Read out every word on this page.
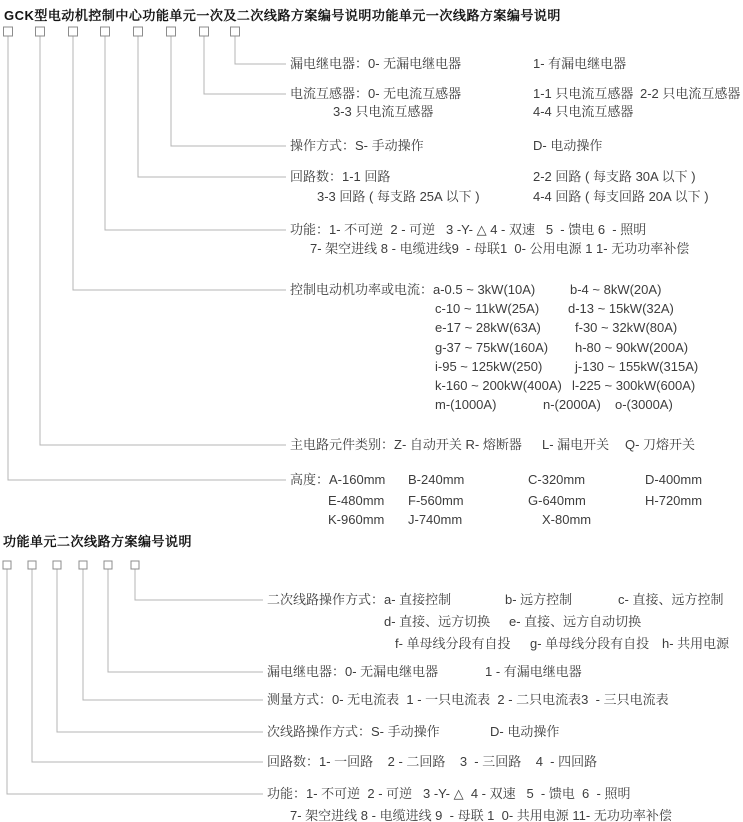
GCK型电动机控制中心功能单元一次及二次线路方案编号说明功能单元一次线路方案编号说明
功能单元二次线路方案编号说明
漏电继电器：0- 无漏电继电器	1- 有漏电继电器
电流互感器：0- 无电流互感器	1-1 只电流互感器 2-2 只电流互感器
3-3 只电流互感器	4-4 只电流互感器
操作方式：S- 手动操作	D- 电动操作
回路数：1-1 回路	2-2 回路 ( 每支路 30A 以下 )
3-3 回路 ( 每支路 25A 以下 )	4-4 回路 ( 每支回路 20A 以下 )
功能：1- 不可逆  2 - 可逆   3 -Y- △ 4 - 双速   5  - 馈电 6  - 照明
7- 架空进线 8 - 电缆进线9  - 母联1  0- 公用电源 1 1- 无功功率补偿
控制电动机功率或电流：a-0.5 ~ 3kW(10A)	b-4 ~ 8kW(20A)
c-10 ~ 11kW(25A) d-13 ~ 15kW(32A)
e-17 ~ 28kW(63A)	f-30 ~ 32kW(80A)
g-37 ~ 75kW(160A) h-80 ~ 90kW(200A)
i-95 ~ 125kW(250)	j-130 ~ 155kW(315A)
k-160 ~ 200kW(400A) l-225 ~ 300kW(600A)
m-(1000A)	n-(2000A) o-(3000A)
主电路元件类别：Z- 自动开关 R- 熔断器 L- 漏电开关 Q- 刀熔开关
高度：A-160mm B-240mm	C-320mm	D-400mm
E-480mm F-560mm	G-640mm	H-720mm
K-960mm J-740mm	X-80mm
二次线路操作方式：a- 直接控制	b- 远方控制	c- 直接、远方控制
d- 直接、远方切换 e- 直接、远方自动切换
f- 单母线分段有自投 g- 单母线分段有自投 h- 共用电源
漏电继电器：0- 无漏电继电器	1 - 有漏电继电器
测量方式：0- 无电流表  1 - 一只电流表  2 - 二只电流表3  - 三只电流表
次线路操作方式：S- 手动操作	D- 电动操作
回路数：1- 一回路    2 - 二回路    3  - 三回路    4  - 四回路
功能：1- 不可逆  2 - 可逆   3 -Y- △  4 - 双速   5  - 馈电  6  - 照明
7- 架空进线 8 - 电缆进线 9  - 母联 1  0- 共用电源 11- 无功功率补偿
